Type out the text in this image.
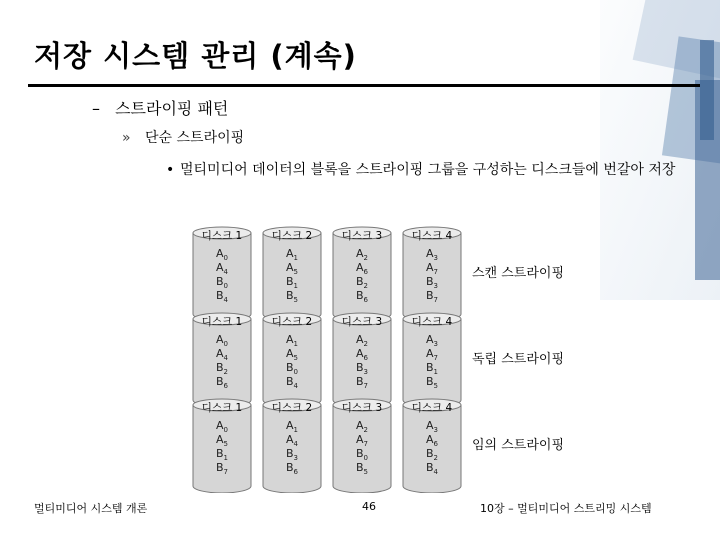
저장 시스템 관리 (계속)
– 스트라이핑 패턴
» 단순 스트라이핑
• 멀티미디어 데이터의 블록을 스트라이핑 그룹을 구성하는 디스크들에 번갈아 저장
디스크 1
$A_0$
$A_4$
$B_0$
$B_4$
디스크 2
$A_1$
$A_5$
$B_1$
$B_5$
디스크 3
$A_2$
$A_6$
$B_2$
$B_6$
디스크 4
$A_3$
$A_7$
$B_3$
$B_7$
스캔 스트라이핑
디스크 1
$A_0$
$A_4$
$B_2$
$B_6$
디스크 2
$A_1$
$A_5$
$B_0$
$B_4$
디스크 3
$A_2$
$A_6$
$B_3$
$B_7$
디스크 4
$A_3$
$A_7$
$B_1$
$B_5$
독립 스트라이핑
디스크 1
$A_0$
$A_5$
$B_1$
$B_7$
디스크 2
$A_1$
$A_4$
$B_3$
$B_6$
디스크 3
$A_2$
$A_7$
$B_0$
$B_5$
디스크 4
$A_3$
$A_6$
$B_2$
$B_4$
임의 스트라이핑
멀티미디어 시스템 개론	46	10장 – 멀티미디어 스트리밍 시스템
